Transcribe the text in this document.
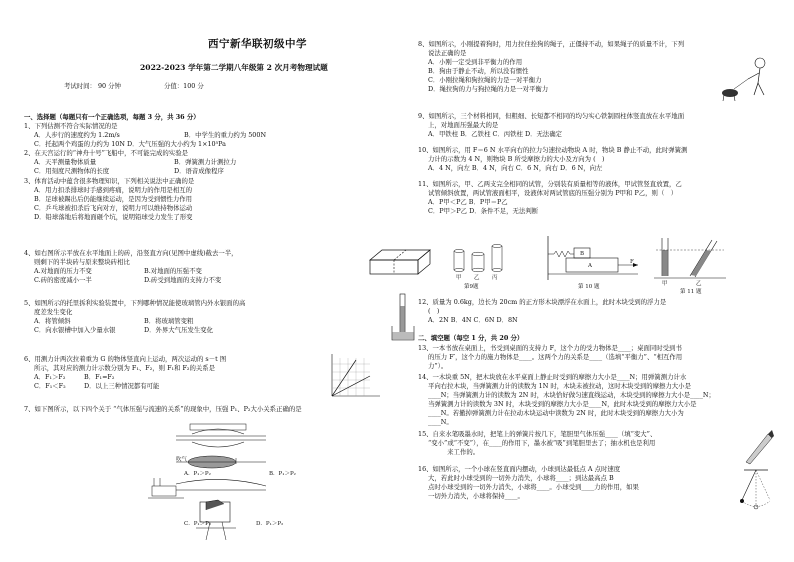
西宁新华联初级中学
2022-2023 学年第二学期八年级第 2 次月考物理试题
考试时间： 90 分钟	分值：100 分
一、选择题（每题只有一个正确选项，每题 3 分，共 36 分）
1、下列估测不符合实际情况的是
A．人步行的速度约为 1.2m/s	B．中学生的重力约为 500N
C．托起两个鸡蛋的力约为 10N D．大气压强的大小约为 1×10⁵Pa
2、在天宫运行的“神舟十号”飞船中，不可能完成的实验是
A．天平测量物体质量	B．弹簧测力计测拉力
C．用刻度尺测物体的长度	D．语音成像程序
3、体育活动中蕴含很多物理知识，下列相关说法中正确的是
A．用力扣杀排球时手感到疼痛，说明力的作用是相互的
B．足球被踢出后仍能继续运动，是因为受到惯性力作用
C．乒乓球被扣杀后飞向对方，说明力可以维持物体运动
D．铅球落地后将地面砸个坑，说明铅球受力发生了形变
4、如右图所示平放在水平地面上的砖，沿竖直方向(见图中虚线)截去一半，
则剩下的半块砖与原来整块砖相比
A.对地面的压力不变	B.对地面的压强不变
C.砖的密度减小一半	D.砖受到地面的支持力不变
5、如图所示的托里拆利实验装置中，下列哪种情况能使玻璃管内外水银面的高
度差发生变化
A．将管倾斜	B．将玻璃管变粗
C．向水银槽中加入少量水银	D．外界大气压发生变化
6、用测力计两次拉着重为 G 的物体竖直向上运动，两次运动的 s－t 图
所示，其对应的测力计示数分别为 F₁、F₂，则 F₁和 F₂的关系是
A．F₁＞F₂	B．F₁=F₂
C．F₁＜F₂	D．以上三种情况都有可能
7、如下图所示，以下四个关于 “气体压强与流速的关系”的现象中，压强 P₁、P₂大小关系正确的是
吹气
A．P₁＞P₂	B．P₁＞P₂
C．P₁＞P₂	D．P₁＞P₂
8、如图所示，小刚提着狗时，用力拉住拴狗的绳子，正僵持不动，如果绳子的质量不计，下列
说法正确的是
A．小刚一定受到非平衡力的作用
B．狗由于静止不动，所以没有惯性
C．小刚拉绳和狗拉绳的力是一对平衡力
D．绳拉狗的力与狗拉绳的力是一对平衡力
9、如图所示，三个材料相同，但粗细、长短都不相同的均匀实心铁制圆柱体竖直放在水平地面
上，对地面压强最大的是
A．甲铁柱 B．乙铁柱 C．丙铁柱 D．无法确定
10、如图所示，用 F＝6 N 水平向右的拉力匀速拉动物块 A 时，物块 B 静止不动，此时弹簧测
力计的示数为 4 N，则物块 B 所受摩擦力的大小及方向为 (　)
A．4 N，向左 B．4 N，向右 C．6 N，向右 D．6 N，向左
11、如图所示，甲、乙两支完全相同的试管，分别装有质量相等的液体，甲试管竖直放置，乙
试管倾斜放置，两试管液面相平，设液体对两试管底的压强分别为 P甲和 P乙，则（　）
A．P甲＜P乙 B．P甲＝P乙
C．P甲＞P乙 D．条件不足，无法判断
甲 乙 丙
第9题
B
A
F
第 10 题	甲	乙
第 11 题
12、质量为 0.6kg，边长为 20cm 的正方形木块漂浮在水面上，此时木块受到的浮力是
(　)
A．2N B．4N C．6N D．8N
二、填空题（每空 1 分，共 20 分）
13、一本书放在桌面上，书受到桌面的支持力 F，这个力的受力物体是____；桌面同时受到书
的压力 F′，这个力的施力物体是____。这两个力的关系是____（选填“平衡力”、“相互作用
力”）。
14、一木块重 5N，把木块放在水平桌面上静止时受到的摩擦力大小是____N；用弹簧测力计水
平向右拉木块，当弹簧测力计的读数为 1N 时，木块未被拉动，这时木块受到的摩擦力大小是
____N；当弹簧测力计的读数为 2N 时，木块恰好做匀速直线运动，木块受到的摩擦力大小是____N；
当弹簧测力计的读数为 3N 时，木块受到的摩擦力大小是____N，此时木块受到的摩擦力大小是
____N。若撤掉弹簧测力计在拉动木块运动中读数为 2N 时，此时木块受到的摩擦力大小为
____N。
15、自来水笔吸墨水时，把笔上的弹簧片按几下，笔胆里气体压强____（填“变大”、
“变小”或“不变”），在____的作用下，墨水被“吸”到笔胆里去了；抽水机也是利用
　　　来工作的。
16、如图所示，一个小球在竖直面内摆动，小球到达最低点 A 点时速度
大，若此时小球受到的一切外力消失，小球将____；到达最高点 B
点时小球受到的一切外力消失，小球将____。小球受到____力的作用，如果
一切外力消失，小球将保持____。
